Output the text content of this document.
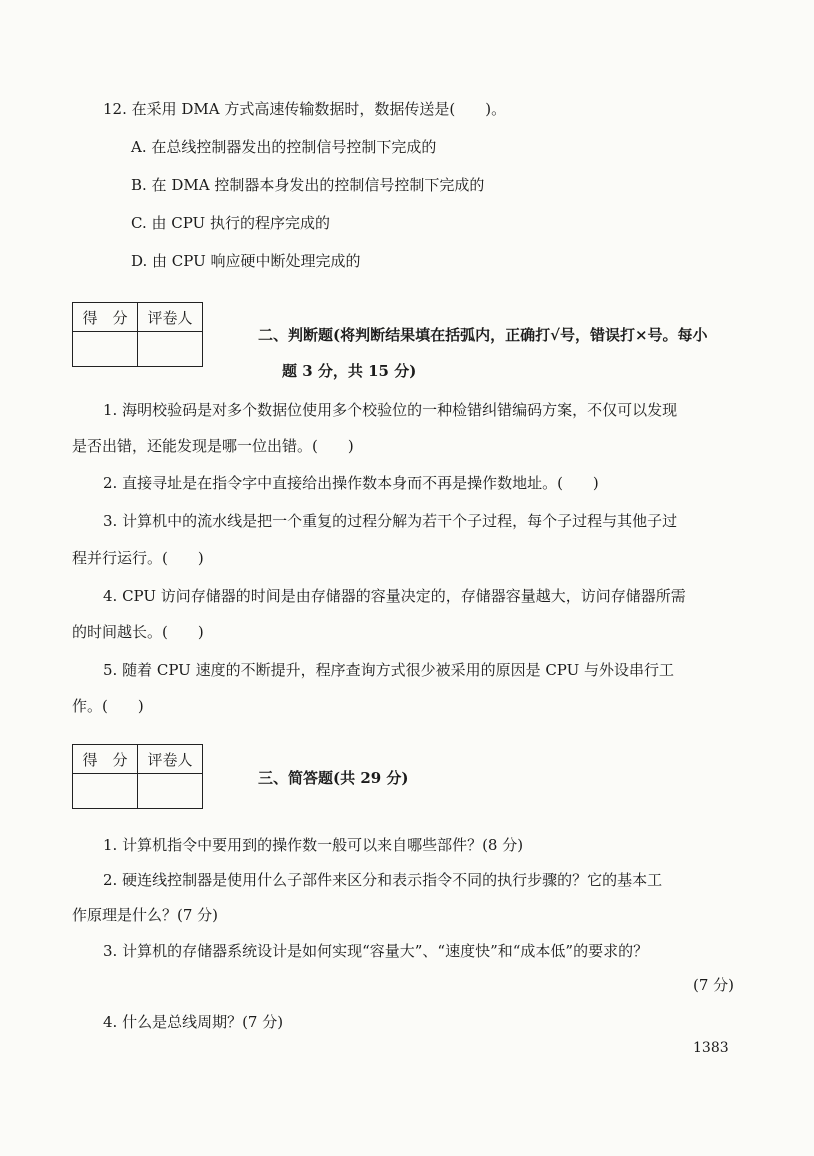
12. 在采用 DMA 方式高速传输数据时，数据传送是(　　)。
A. 在总线控制器发出的控制信号控制下完成的
B. 在 DMA 控制器本身发出的控制信号控制下完成的
C. 由 CPU 执行的程序完成的
D. 由 CPU 响应硬中断处理完成的
得　分	评卷人

二、判断题(将判断结果填在括弧内，正确打√号，错误打×号。每小
题 3 分，共 15 分)
1. 海明校验码是对多个数据位使用多个校验位的一种检错纠错编码方案，不仅可以发现
是否出错，还能发现是哪一位出错。(　　)
2. 直接寻址是在指令字中直接给出操作数本身而不再是操作数地址。(　　)
3. 计算机中的流水线是把一个重复的过程分解为若干个子过程，每个子过程与其他子过
程并行运行。(　　)
4. CPU 访问存储器的时间是由存储器的容量决定的，存储器容量越大，访问存储器所需
的时间越长。(　　)
5. 随着 CPU 速度的不断提升，程序查询方式很少被采用的原因是 CPU 与外设串行工
作。(　　)
得　分	评卷人

三、简答题(共 29 分)
1. 计算机指令中要用到的操作数一般可以来自哪些部件？(8 分)
2. 硬连线控制器是使用什么子部件来区分和表示指令不同的执行步骤的？它的基本工
作原理是什么？(7 分)
3. 计算机的存储器系统设计是如何实现“容量大”、“速度快”和“成本低”的要求的？
(7 分)
4. 什么是总线周期？(7 分)
1383
